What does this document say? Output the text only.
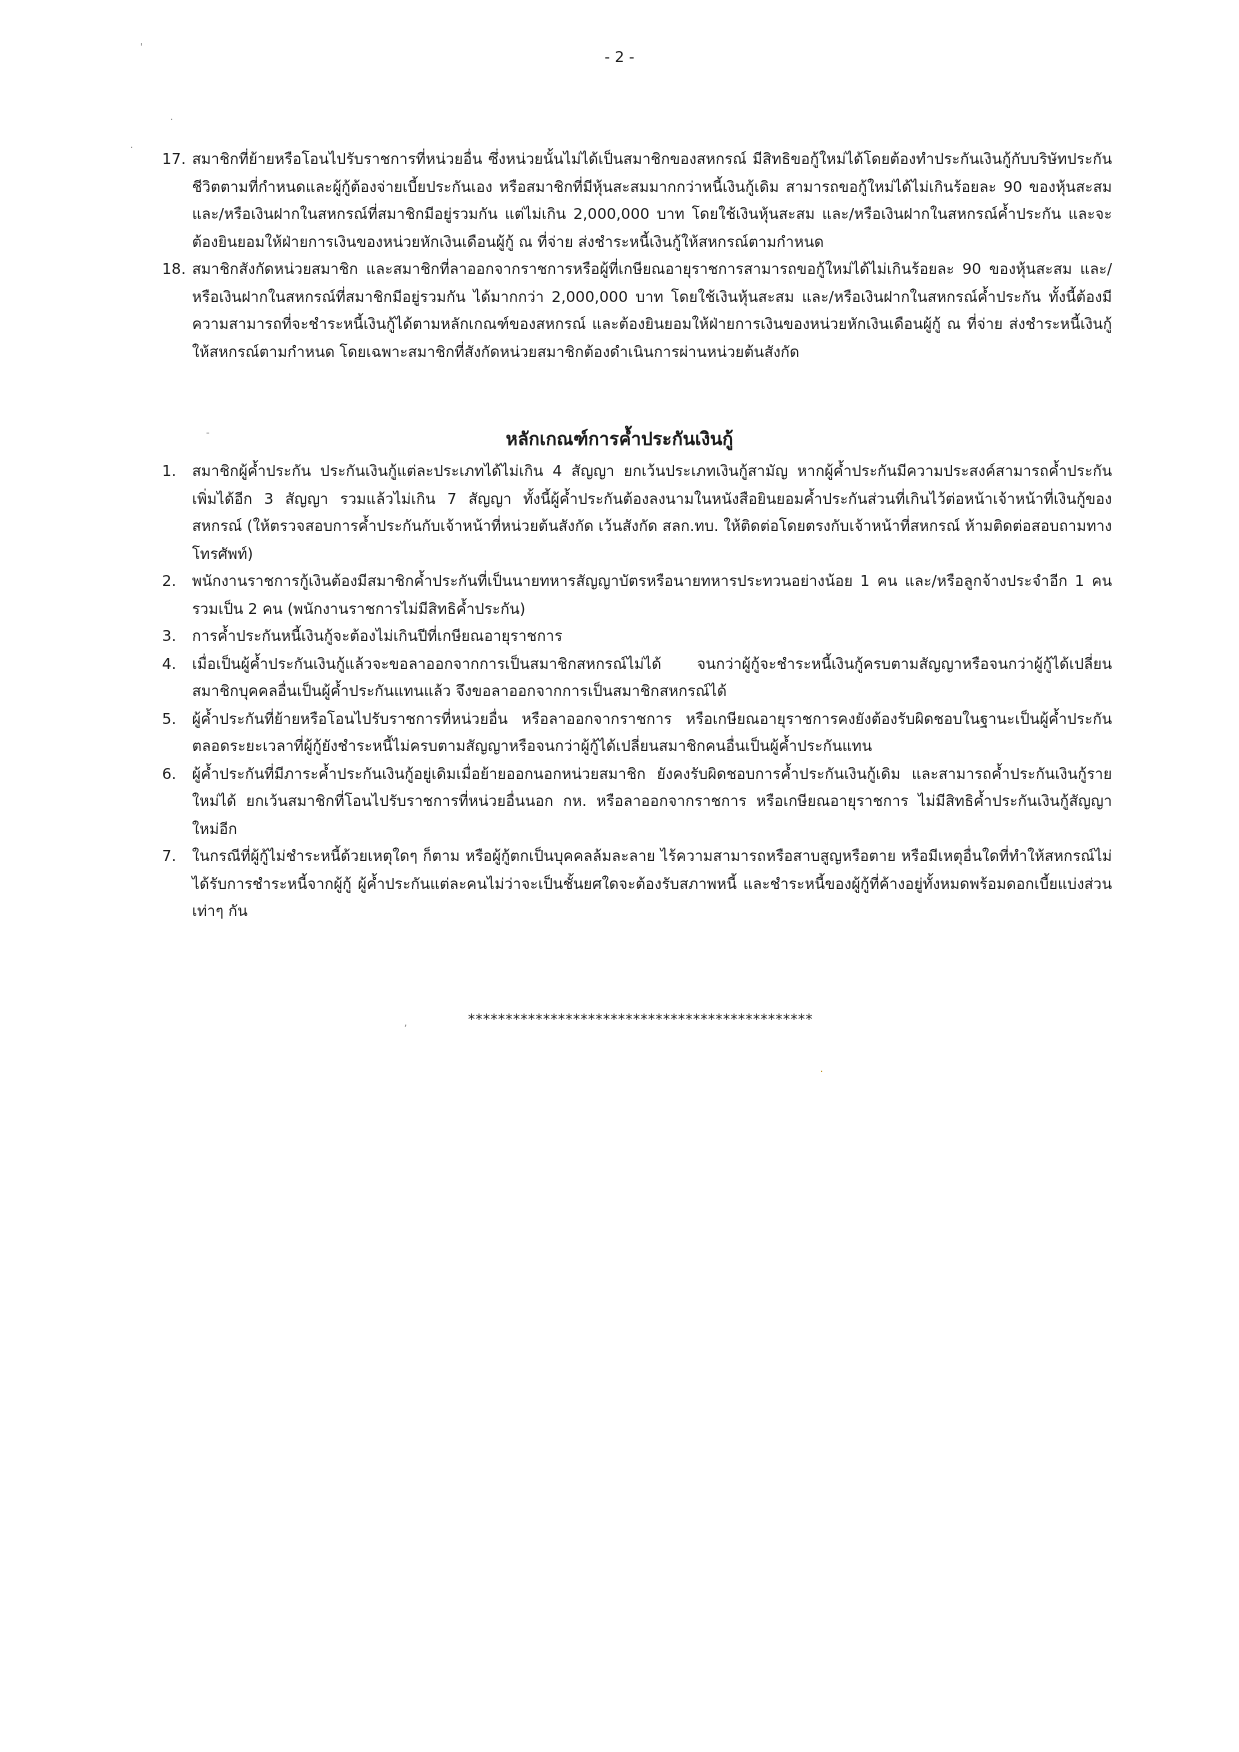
- 2 -
17. สมาชิกที่ย้ายหรือโอนไปรับราชการที่หน่วยอื่น ซึ่งหน่วยนั้นไม่ได้เป็นสมาชิกของสหกรณ์ มีสิทธิขอกู้ใหม่ได้โดยต้องทำประกันเงินกู้กับบริษัทประกันชีวิตตามที่กำหนดและผู้กู้ต้องจ่ายเบี้ยประกันเอง หรือสมาชิกที่มีหุ้นสะสมมากกว่าหนี้เงินกู้เดิม สามารถขอกู้ใหม่ได้ไม่เกินร้อยละ 90 ของหุ้นสะสม และ/หรือเงินฝากในสหกรณ์ที่สมาชิกมีอยู่รวมกัน แต่ไม่เกิน 2,000,000 บาท โดยใช้เงินหุ้นสะสม และ/หรือเงินฝากในสหกรณ์ค้ำประกัน และจะต้องยินยอมให้ฝ่ายการเงินของหน่วยหักเงินเดือนผู้กู้ ณ ที่จ่าย ส่งชำระหนี้เงินกู้ให้สหกรณ์ตามกำหนด
18. สมาชิกสังกัดหน่วยสมาชิก และสมาชิกที่ลาออกจากราชการหรือผู้ที่เกษียณอายุราชการสามารถขอกู้ใหม่ได้ไม่เกินร้อยละ 90 ของหุ้นสะสม และ/หรือเงินฝากในสหกรณ์ที่สมาชิกมีอยู่รวมกัน ได้มากกว่า 2,000,000 บาท โดยใช้เงินหุ้นสะสม และ/หรือเงินฝากในสหกรณ์ค้ำประกัน ทั้งนี้ต้องมีความสามารถที่จะชำระหนี้เงินกู้ได้ตามหลักเกณฑ์ของสหกรณ์ และต้องยินยอมให้ฝ่ายการเงินของหน่วยหักเงินเดือนผู้กู้ ณ ที่จ่าย ส่งชำระหนี้เงินกู้ให้สหกรณ์ตามกำหนด โดยเฉพาะสมาชิกที่สังกัดหน่วยสมาชิกต้องดำเนินการผ่านหน่วยต้นสังกัด
หลักเกณฑ์การค้ำประกันเงินกู้
1.	สมาชิกผู้ค้ำประกัน ประกันเงินกู้แต่ละประเภทได้ไม่เกิน 4 สัญญา ยกเว้นประเภทเงินกู้สามัญ หากผู้ค้ำประกันมีความประสงค์สามารถค้ำประกันเพิ่มได้อีก 3 สัญญา รวมแล้วไม่เกิน 7 สัญญา ทั้งนี้ผู้ค้ำประกันต้องลงนามในหนังสือยินยอมค้ำประกันส่วนที่เกินไว้ต่อหน้าเจ้าหน้าที่เงินกู้ของสหกรณ์ (ให้ตรวจสอบการค้ำประกันกับเจ้าหน้าที่หน่วยต้นสังกัด เว้นสังกัด สลก.ทบ. ให้ติดต่อโดยตรงกับเจ้าหน้าที่สหกรณ์ ห้ามติดต่อสอบถามทางโทรศัพท์)
2.	พนักงานราชการกู้เงินต้องมีสมาชิกค้ำประกันที่เป็นนายทหารสัญญาบัตรหรือนายทหารประทวนอย่างน้อย 1 คน และ/หรือลูกจ้างประจำอีก 1 คน รวมเป็น 2 คน (พนักงานราชการไม่มีสิทธิค้ำประกัน)
3.	การค้ำประกันหนี้เงินกู้จะต้องไม่เกินปีที่เกษียณอายุราชการ
4.	เมื่อเป็นผู้ค้ำประกันเงินกู้แล้วจะขอลาออกจากการเป็นสมาชิกสหกรณ์ไม่ได้ จนกว่าผู้กู้จะชำระหนี้เงินกู้ครบตามสัญญาหรือจนกว่าผู้กู้ได้เปลี่ยนสมาชิกบุคคลอื่นเป็นผู้ค้ำประกันแทนแล้ว จึงขอลาออกจากการเป็นสมาชิกสหกรณ์ได้
5.	ผู้ค้ำประกันที่ย้ายหรือโอนไปรับราชการที่หน่วยอื่น หรือลาออกจากราชการ หรือเกษียณอายุราชการคงยังต้องรับผิดชอบในฐานะเป็นผู้ค้ำประกันตลอดระยะเวลาที่ผู้กู้ยังชำระหนี้ไม่ครบตามสัญญาหรือจนกว่าผู้กู้ได้เปลี่ยนสมาชิกคนอื่นเป็นผู้ค้ำประกันแทน
6.	ผู้ค้ำประกันที่มีภาระค้ำประกันเงินกู้อยู่เดิมเมื่อย้ายออกนอกหน่วยสมาชิก ยังคงรับผิดชอบการค้ำประกันเงินกู้เดิม และสามารถค้ำประกันเงินกู้รายใหม่ได้ ยกเว้นสมาชิกที่โอนไปรับราชการที่หน่วยอื่นนอก กห. หรือลาออกจากราชการ หรือเกษียณอายุราชการ ไม่มีสิทธิค้ำประกันเงินกู้สัญญาใหม่อีก
7.	ในกรณีที่ผู้กู้ไม่ชำระหนี้ด้วยเหตุใดๆ ก็ตาม หรือผู้กู้ตกเป็นบุคคลล้มละลาย ไร้ความสามารถหรือสาบสูญหรือตาย หรือมีเหตุอื่นใดที่ทำให้สหกรณ์ไม่ได้รับการชำระหนี้จากผู้กู้ ผู้ค้ำประกันแต่ละคนไม่ว่าจะเป็นชั้นยศใดจะต้องรับสภาพหนี้ และชำระหนี้ของผู้กู้ที่ค้างอยู่ทั้งหมดพร้อมดอกเบี้ยแบ่งส่วนเท่าๆ กัน
**********************************************
'
.
.
-
,
.
